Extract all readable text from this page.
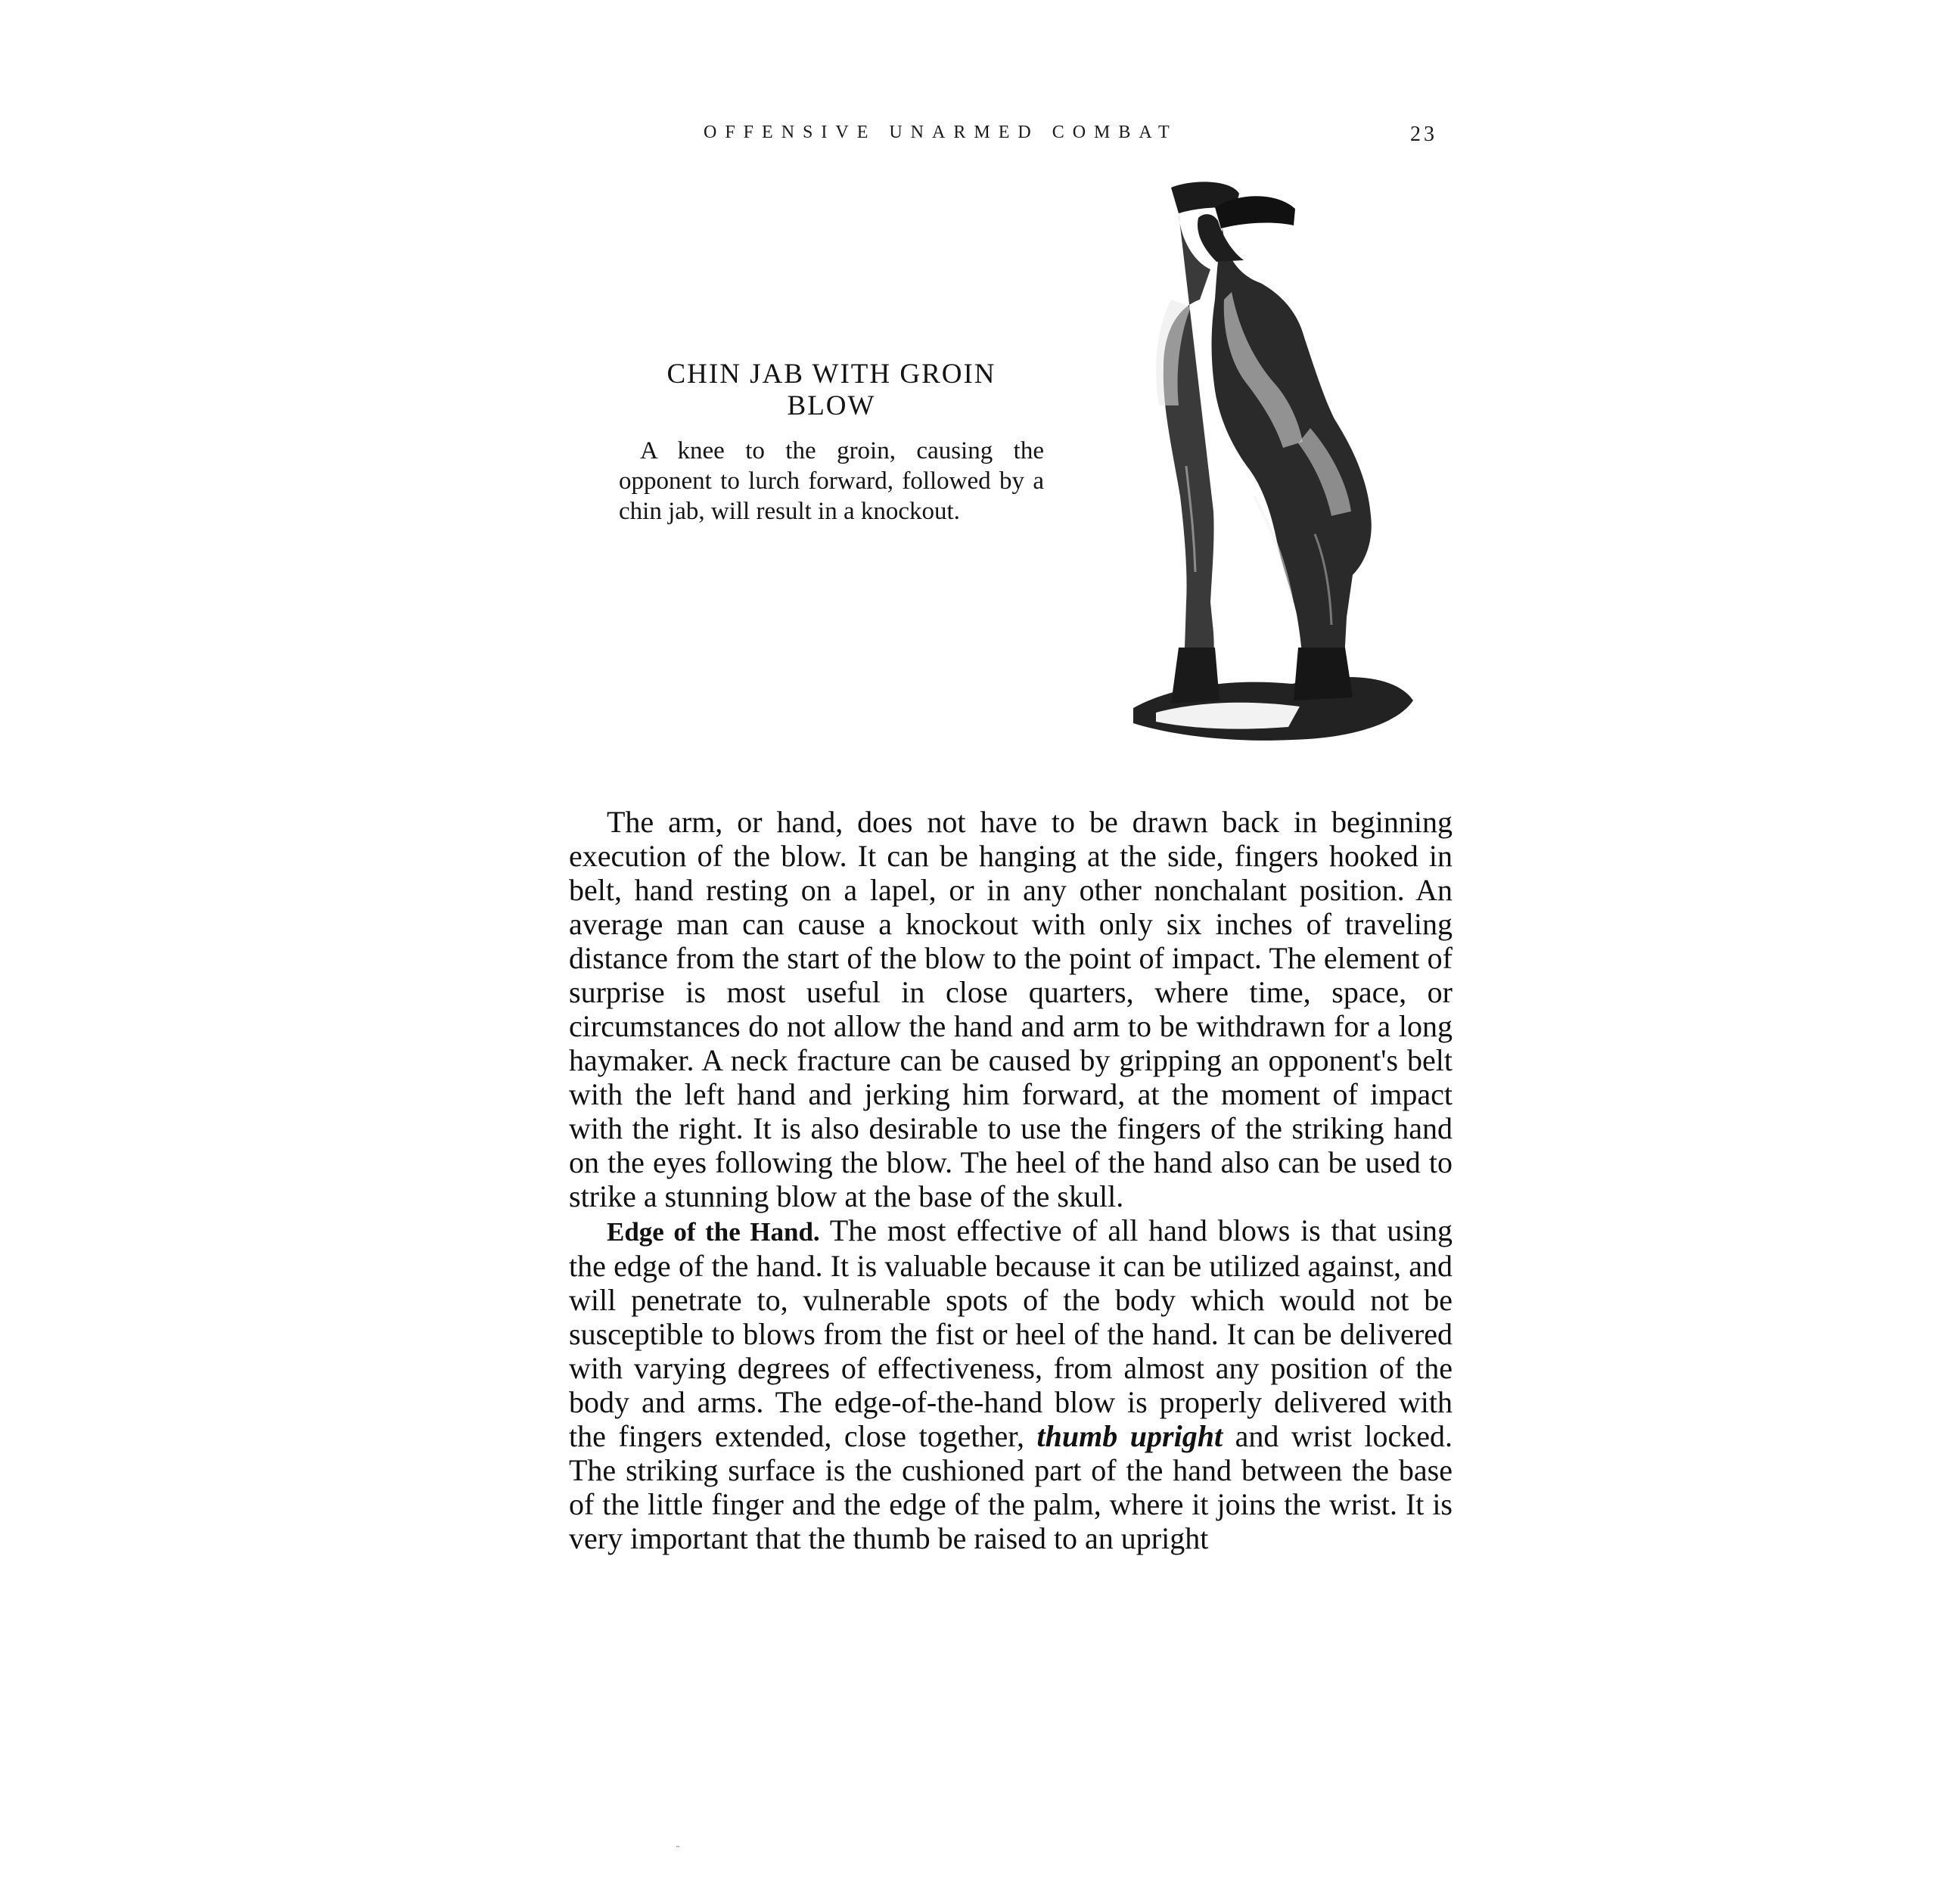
OFFENSIVE UNARMED COMBAT	23
CHIN JAB WITH GROIN BLOW

A knee to the groin, causing the opponent to lurch forward, followed by a chin jab, will result in a knockout.

The arm, or hand, does not have to be drawn back in beginning execution of the blow. It can be hanging at the side, fingers hooked in belt, hand resting on a lapel, or in any other nonchalant position. An average man can cause a knockout with only six inches of traveling distance from the start of the blow to the point of impact. The element of surprise is most useful in close quarters, where time, space, or circumstances do not allow the hand and arm to be withdrawn for a long haymaker. A neck fracture can be caused by gripping an opponent's belt with the left hand and jerking him forward, at the moment of impact with the right. It is also desirable to use the fingers of the striking hand on the eyes following the blow. The heel of the hand also can be used to strike a stunning blow at the base of the skull.

Edge of the Hand. The most effective of all hand blows is that using the edge of the hand. It is valuable because it can be utilized against, and will penetrate to, vulnerable spots of the body which would not be susceptible to blows from the fist or heel of the hand. It can be delivered with varying degrees of effectiveness, from almost any position of the body and arms. The edge-of-the-hand blow is properly delivered with the fingers extended, close together, thumb upright and wrist locked. The striking surface is the cushioned part of the hand between the base of the little finger and the edge of the palm, where it joins the wrist. It is very important that the thumb be raised to an upright
